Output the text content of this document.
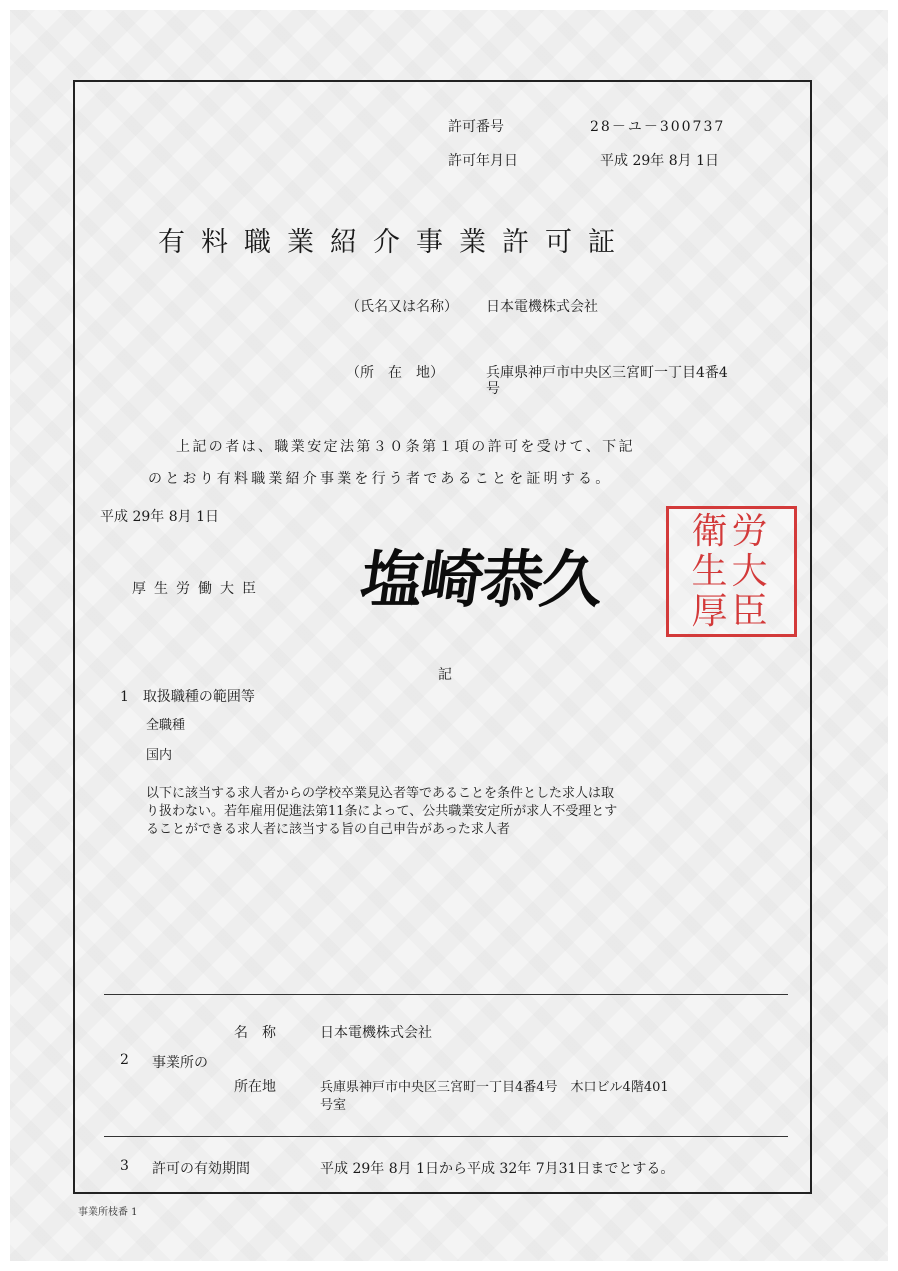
許可番号	28－ユ－300737
許可年月日	平成 29年 8月 1日
有料職業紹介事業許可証
（氏名又は名称） 日本電機株式会社
（所　在　地）	兵庫県神戸市中央区三宮町一丁目4番4
号
上記の者は、職業安定法第３０条第１項の許可を受けて、下記
のとおり有料職業紹介事業を行う者であることを証明する。
平成 29年 8月 1日
厚生労働大臣 塩崎恭久
衛労
生大
厚臣
記
1　取扱職種の範囲等
全職種
国内
以下に該当する求人者からの学校卒業見込者等であることを条件とした求人は取
り扱わない。若年雇用促進法第11条によって、公共職業安定所が求人不受理とす
ることができる求人者に該当する旨の自己申告があった求人者
名　称	日本電機株式会社
2 事業所の
所在地	兵庫県神戸市中央区三宮町一丁目4番4号　木口ビル4階401
号室
3 許可の有効期間	平成 29年 8月 1日から平成 32年 7月31日までとする。
事業所枝番 1
